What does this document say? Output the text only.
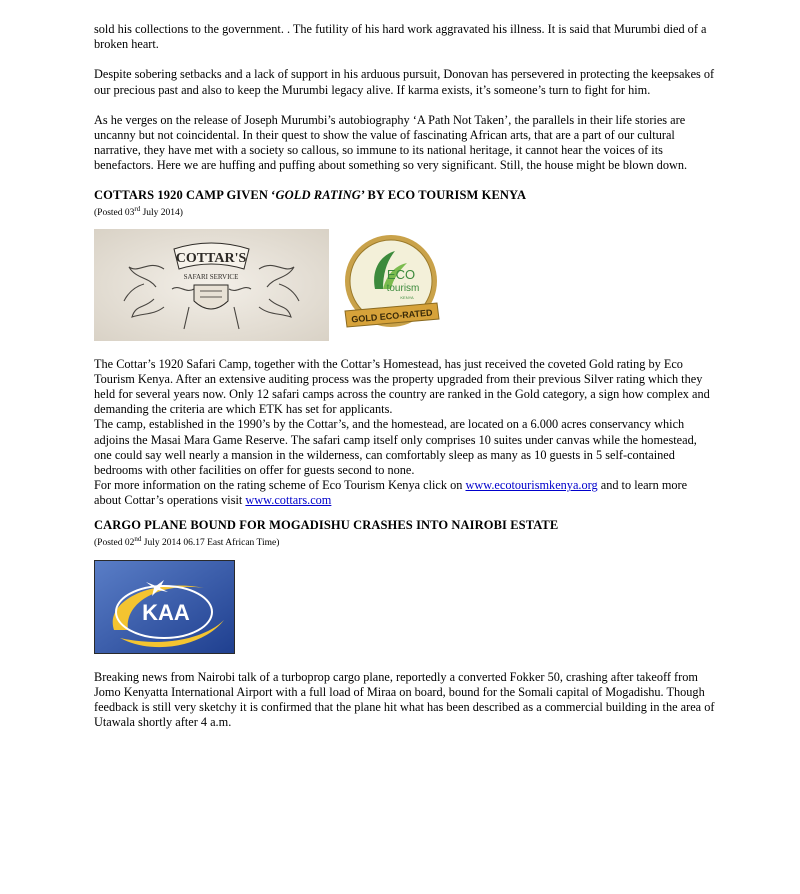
sold his collections to the government. . The futility of his hard work aggravated his illness. It is said that Murumbi died of a broken heart.

Despite sobering setbacks and a lack of support in his arduous pursuit, Donovan has persevered in protecting the keepsakes of our precious past and also to keep the Murumbi legacy alive. If karma exists, it’s someone’s turn to fight for him.

As he verges on the release of Joseph Murumbi’s autobiography ‘A Path Not Taken’, the parallels in their life stories are uncanny but not coincidental. In their quest to show the value of fascinating African arts, that are a part of our cultural narrative, they have met with a society so callous, so immune to its national heritage, it cannot hear the voices of its benefactors. Here we are huffing and puffing about something so very significant. Still, the house might be blown down.

COTTARS 1920 CAMP GIVEN ‘GOLD RATING’ BY ECO TOURISM KENYA
(Posted 03rd July 2014)
COTTAR'S
SAFARI SERVICE	ECO
tourism
KENYA
GOLD ECO-RATED

The Cottar’s 1920 Safari Camp, together with the Cottar’s Homestead, has just received the coveted Gold rating by Eco Tourism Kenya. After an extensive auditing process was the property upgraded from their previous Silver rating which they held for several years now. Only 12 safari camps across the country are ranked in the Gold category, a sign how complex and demanding the criteria are which ETK has set for applicants.

The camp, established in the 1990’s by the Cottar’s, and the homestead, are located on a 6.000 acres conservancy which adjoins the Masai Mara Game Reserve. The safari camp itself only comprises 10 suites under canvas while the homestead, one could say well nearly a mansion in the wilderness, can comfortably sleep as many as 10 guests in 5 self-contained bedrooms with other facilities on offer for guests second to none.

For more information on the rating scheme of Eco Tourism Kenya click on www.ecotourismkenya.org and to learn more about Cottar’s operations visit www.cottars.com

CARGO PLANE BOUND FOR MOGADISHU CRASHES INTO NAIROBI ESTATE
(Posted 02nd July 2014 06.17 East African Time)
KAA

Breaking news from Nairobi talk of a turboprop cargo plane, reportedly a converted Fokker 50, crashing after takeoff from Jomo Kenyatta International Airport with a full load of Miraa on board, bound for the Somali capital of Mogadishu. Though feedback is still very sketchy it is confirmed that the plane hit what has been described as a commercial building in the area of Utawala shortly after 4 a.m.
